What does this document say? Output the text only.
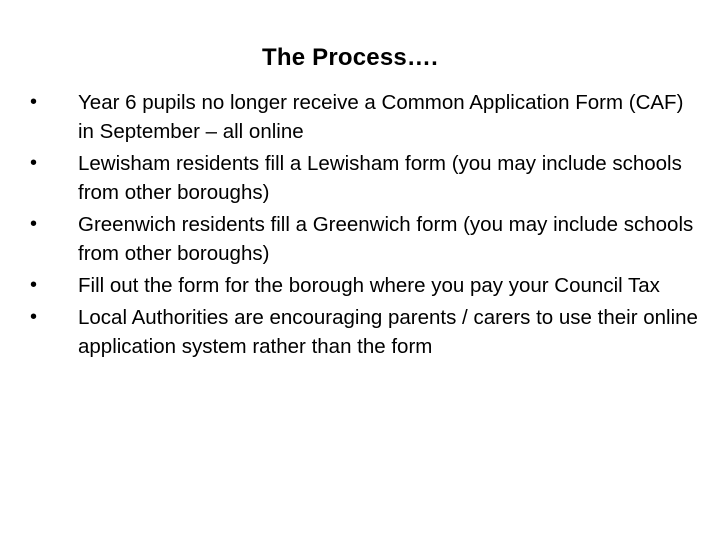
The Process….
•	Year 6 pupils no longer receive a Common Application Form (CAF) in September – all online
•	Lewisham residents fill a Lewisham form (you may include schools from other boroughs)
•	Greenwich residents fill a Greenwich form (you may include schools from other boroughs)
•	Fill out the form for the borough where you pay your Council Tax
•	Local Authorities are encouraging parents / carers to use their online application system rather than the form
